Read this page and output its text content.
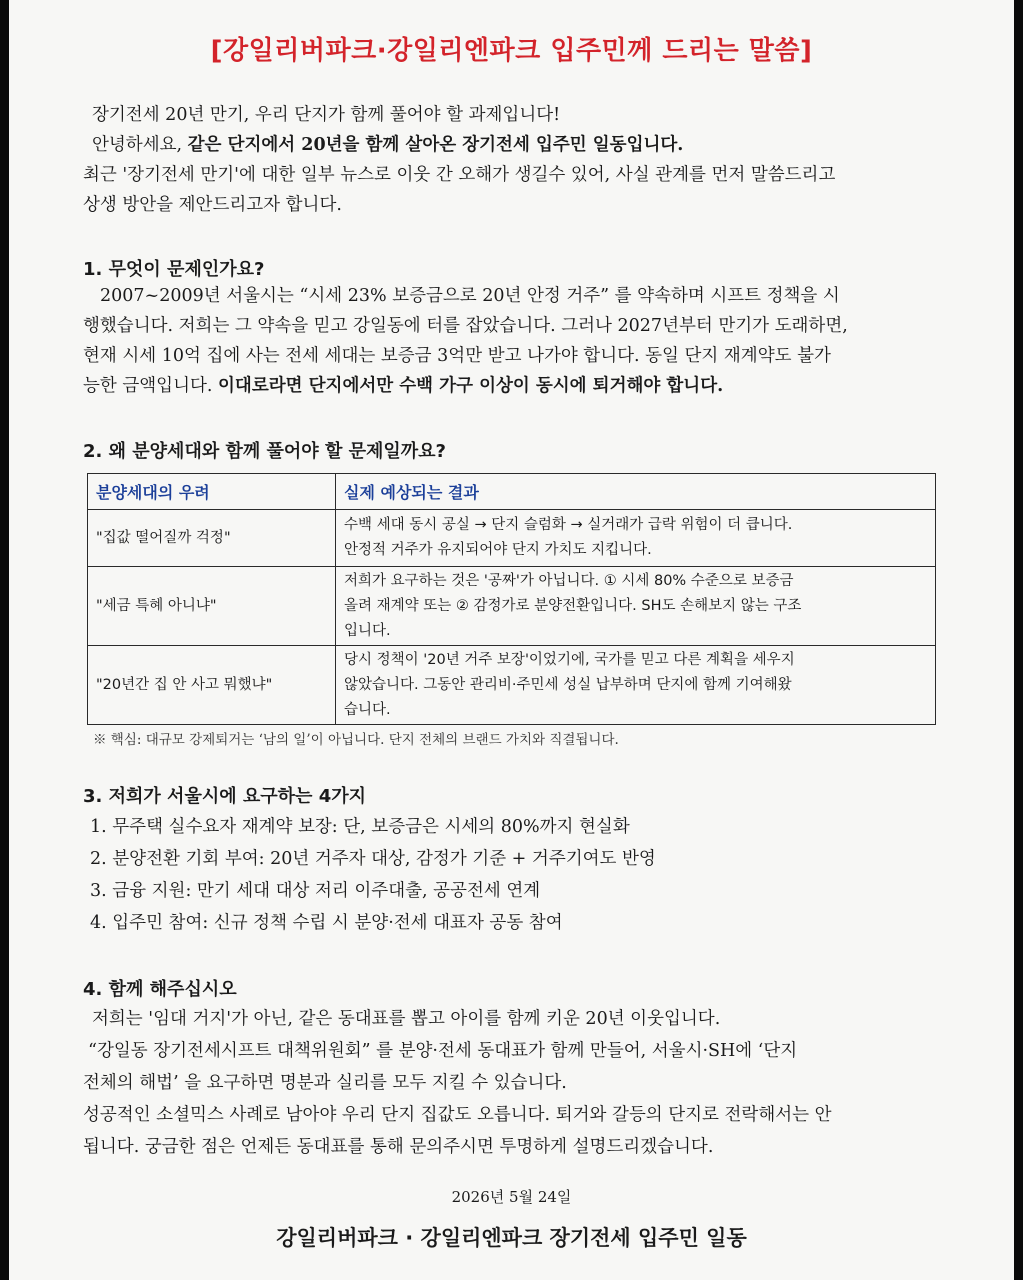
[강일리버파크·강일리엔파크 입주민께 드리는 말씀]
장기전세 20년 만기, 우리 단지가 함께 풀어야 할 과제입니다!
안녕하세요, 같은 단지에서 20년을 함께 살아온 장기전세 입주민 일동입니다.
최근 '장기전세 만기'에 대한 일부 뉴스로 이웃 간 오해가 생길수 있어, 사실 관계를 먼저 말씀드리고
상생 방안을 제안드리고자 합니다.
1. 무엇이 문제인가요?
2007~2009년 서울시는 “시세 23% 보증금으로 20년 안정 거주” 를 약속하며 시프트 정책을 시
행했습니다. 저희는 그 약속을 믿고 강일동에 터를 잡았습니다. 그러나 2027년부터 만기가 도래하면,
현재 시세 10억 집에 사는 전세 세대는 보증금 3억만 받고 나가야 합니다. 동일 단지 재계약도 불가
능한 금액입니다. 이대로라면 단지에서만 수백 가구 이상이 동시에 퇴거해야 합니다.
2. 왜 분양세대와 함께 풀어야 할 문제일까요?
분양세대의 우려	실제 예상되는 결과
"집값 떨어질까 걱정"	수백 세대 동시 공실 → 단지 슬럼화 → 실거래가 급락 위험이 더 큽니다.
안정적 거주가 유지되어야 단지 가치도 지킵니다.

"세금 특혜 아니냐"	저희가 요구하는 것은 '공짜'가 아닙니다. ① 시세 80% 수준으로 보증금
올려 재계약 또는 ② 감정가로 분양전환입니다. SH도 손해보지 않는 구조
입니다.

"20년간 집 안 사고 뭐했냐"	당시 정책이 '20년 거주 보장'이었기에, 국가를 믿고 다른 계획을 세우지
않았습니다. 그동안 관리비·주민세 성실 납부하며 단지에 함께 기여해왔
습니다.
※ 핵심: 대규모 강제퇴거는 ‘남의 일’이 아닙니다. 단지 전체의 브랜드 가치와 직결됩니다.
3. 저희가 서울시에 요구하는 4가지
1. 무주택 실수요자 재계약 보장: 단, 보증금은 시세의 80%까지 현실화
2. 분양전환 기회 부여: 20년 거주자 대상, 감정가 기준 + 거주기여도 반영
3. 금융 지원: 만기 세대 대상 저리 이주대출, 공공전세 연계
4. 입주민 참여: 신규 정책 수립 시 분양·전세 대표자 공동 참여
4. 함께 해주십시오
저희는 '임대 거지'가 아닌, 같은 동대표를 뽑고 아이를 함께 키운 20년 이웃입니다.
“강일동 장기전세시프트 대책위원회” 를 분양·전세 동대표가 함께 만들어, 서울시·SH에 ‘단지
전체의 해법’ 을 요구하면 명분과 실리를 모두 지킬 수 있습니다.
성공적인 소셜믹스 사례로 남아야 우리 단지 집값도 오릅니다. 퇴거와 갈등의 단지로 전락해서는 안
됩니다. 궁금한 점은 언제든 동대표를 통해 문의주시면 투명하게 설명드리겠습니다.
2026년 5월 24일
강일리버파크 · 강일리엔파크 장기전세 입주민 일동
